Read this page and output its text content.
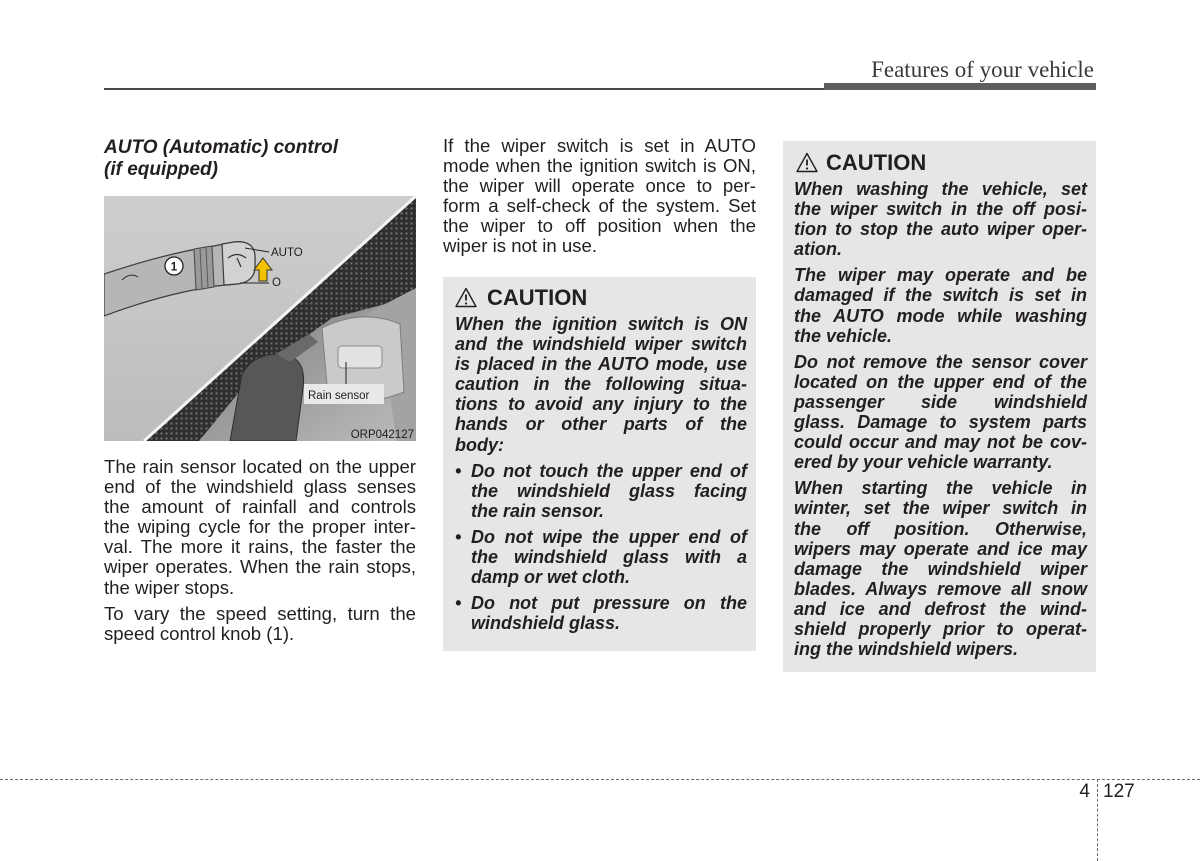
Features of your vehicle
AUTO (Automatic) control
(if equipped)
1
AUTO
O
Rain sensor
ORP042127
The rain sensor located on the upper
end of the windshield glass senses
the amount of rainfall and controls
the wiping cycle for the proper inter-
val. The more it rains, the faster the
wiper operates. When the rain stops,
the wiper stops.
To vary the speed setting, turn the
speed control knob (1).
If the wiper switch is set in AUTO
mode when the ignition switch is ON,
the wiper will operate once to per-
form a self-check of the system. Set
the wiper to off position when the
wiper is not in use.
CAUTION
When the ignition switch is ON
and the windshield wiper switch
is placed in the AUTO mode, use
caution in the following situa-
tions to avoid any injury to the
hands or other parts of the
body:
• Do not touch the upper end of
the windshield glass facing
the rain sensor.
• Do not wipe the upper end of
the windshield glass with a
damp or wet cloth.
• Do not put pressure on the
windshield glass.
CAUTION
When washing the vehicle, set
the wiper switch in the off posi-
tion to stop the auto wiper oper-
ation.
The wiper may operate and be
damaged if the switch is set in
the AUTO mode while washing
the vehicle.
Do not remove the sensor cover
located on the upper end of the
passenger side windshield
glass. Damage to system parts
could occur and may not be cov-
ered by your vehicle warranty.
When starting the vehicle in
winter, set the wiper switch in
the off position. Otherwise,
wipers may operate and ice may
damage the windshield wiper
blades. Always remove all snow
and ice and defrost the wind-
shield properly prior to operat-
ing the windshield wipers.
4 127
